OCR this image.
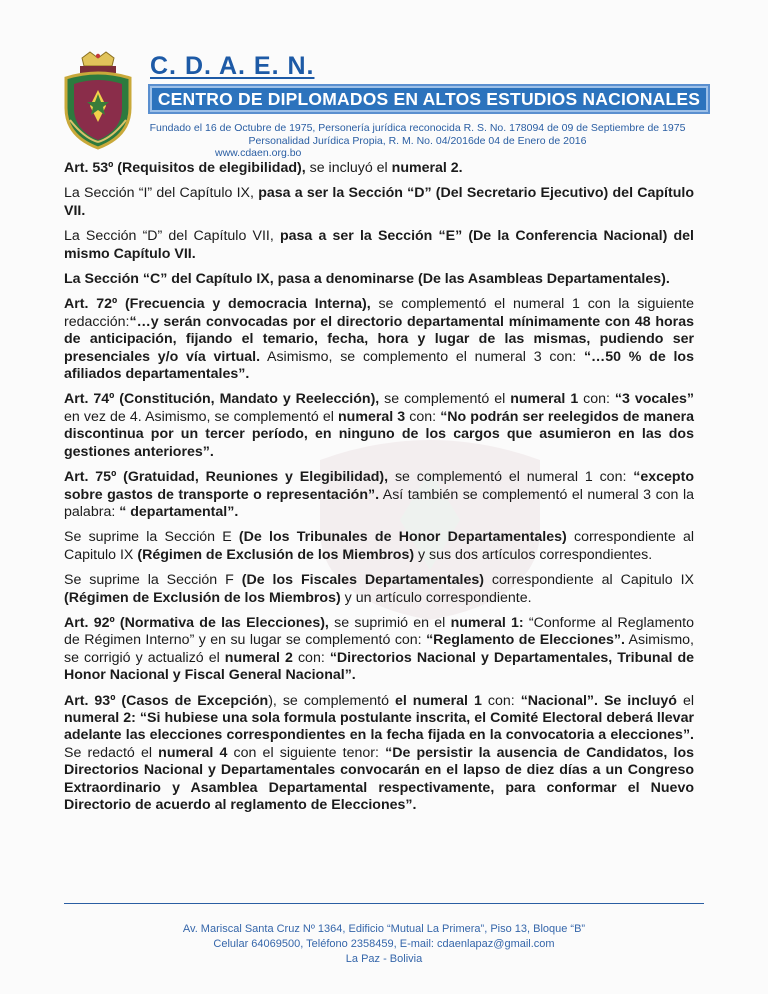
C. D. A. E. N.
CENTRO DE DIPLOMADOS EN ALTOS ESTUDIOS NACIONALES
Fundado el 16 de Octubre de 1975, Personería jurídica reconocida R. S. No. 178094 de 09 de Septiembre de 1975
Personalidad Jurídica Propia, R. M. No. 04/2016de 04 de Enero de 2016
www.cdaen.org.bo

Art. 53º (Requisitos de elegibilidad), se incluyó el numeral 2.

La Sección “I” del Capítulo IX, pasa a ser la Sección “D” (Del Secretario Ejecutivo) del Capítulo VII.

La Sección “D” del Capítulo VII, pasa a ser la Sección “E” (De la Conferencia Nacional) del mismo Capítulo VII.

La Sección “C” del Capítulo IX, pasa a denominarse (De las Asambleas Departamentales).

Art. 72º (Frecuencia y democracia Interna), se complementó el numeral 1 con la siguiente redacción:“…y serán convocadas por el directorio departamental mínimamente con 48 horas de anticipación, fijando el temario, fecha, hora y lugar de las mismas, pudiendo ser presenciales y/o vía virtual. Asimismo, se complemento el numeral 3 con: “…50 % de los afiliados departamentales”.

Art. 74º (Constitución, Mandato y Reelección), se complementó el numeral 1 con: “3 vocales” en vez de 4. Asimismo, se complementó el numeral 3 con: “No podrán ser reelegidos de manera discontinua por un tercer período, en ninguno de los cargos que asumieron en las dos gestiones anteriores”.

Art. 75º (Gratuidad, Reuniones y Elegibilidad), se complementó el numeral 1 con: “excepto sobre gastos de transporte o representación”. Así también se complementó el numeral 3 con la palabra: “ departamental”.

Se suprime la Sección E (De los Tribunales de Honor Departamentales) correspondiente al Capitulo IX (Régimen de Exclusión de los Miembros) y sus dos artículos correspondientes.

Se suprime la Sección F (De los Fiscales Departamentales) correspondiente al Capitulo IX (Régimen de Exclusión de los Miembros) y un artículo correspondiente.

Art. 92º (Normativa de las Elecciones), se suprimió en el numeral 1: “Conforme al Reglamento de Régimen Interno” y en su lugar se complementó con: “Reglamento de Elecciones”. Asimismo, se corrigió y actualizó el numeral 2 con: “Directorios Nacional y Departamentales, Tribunal de Honor Nacional y Fiscal General Nacional”.

Art. 93º (Casos de Excepción), se complementó el numeral 1 con: “Nacional”. Se incluyó el numeral 2: “Si hubiese una sola formula postulante inscrita, el Comité Electoral deberá llevar adelante las elecciones correspondientes en la fecha fijada en la convocatoria a elecciones”. Se redactó el numeral 4 con el siguiente tenor: “De persistir la ausencia de Candidatos, los Directorios Nacional y Departamentales convocarán en el lapso de diez días a un Congreso Extraordinario y Asamblea Departamental respectivamente, para conformar el Nuevo Directorio de acuerdo al reglamento de Elecciones”.

Av. Mariscal Santa Cruz Nº 1364, Edificio “Mutual La Primera”, Piso 13, Bloque “B”
Celular 64069500, Teléfono 2358459, E-mail: cdaenlapaz@gmail.com
La Paz - Bolivia
